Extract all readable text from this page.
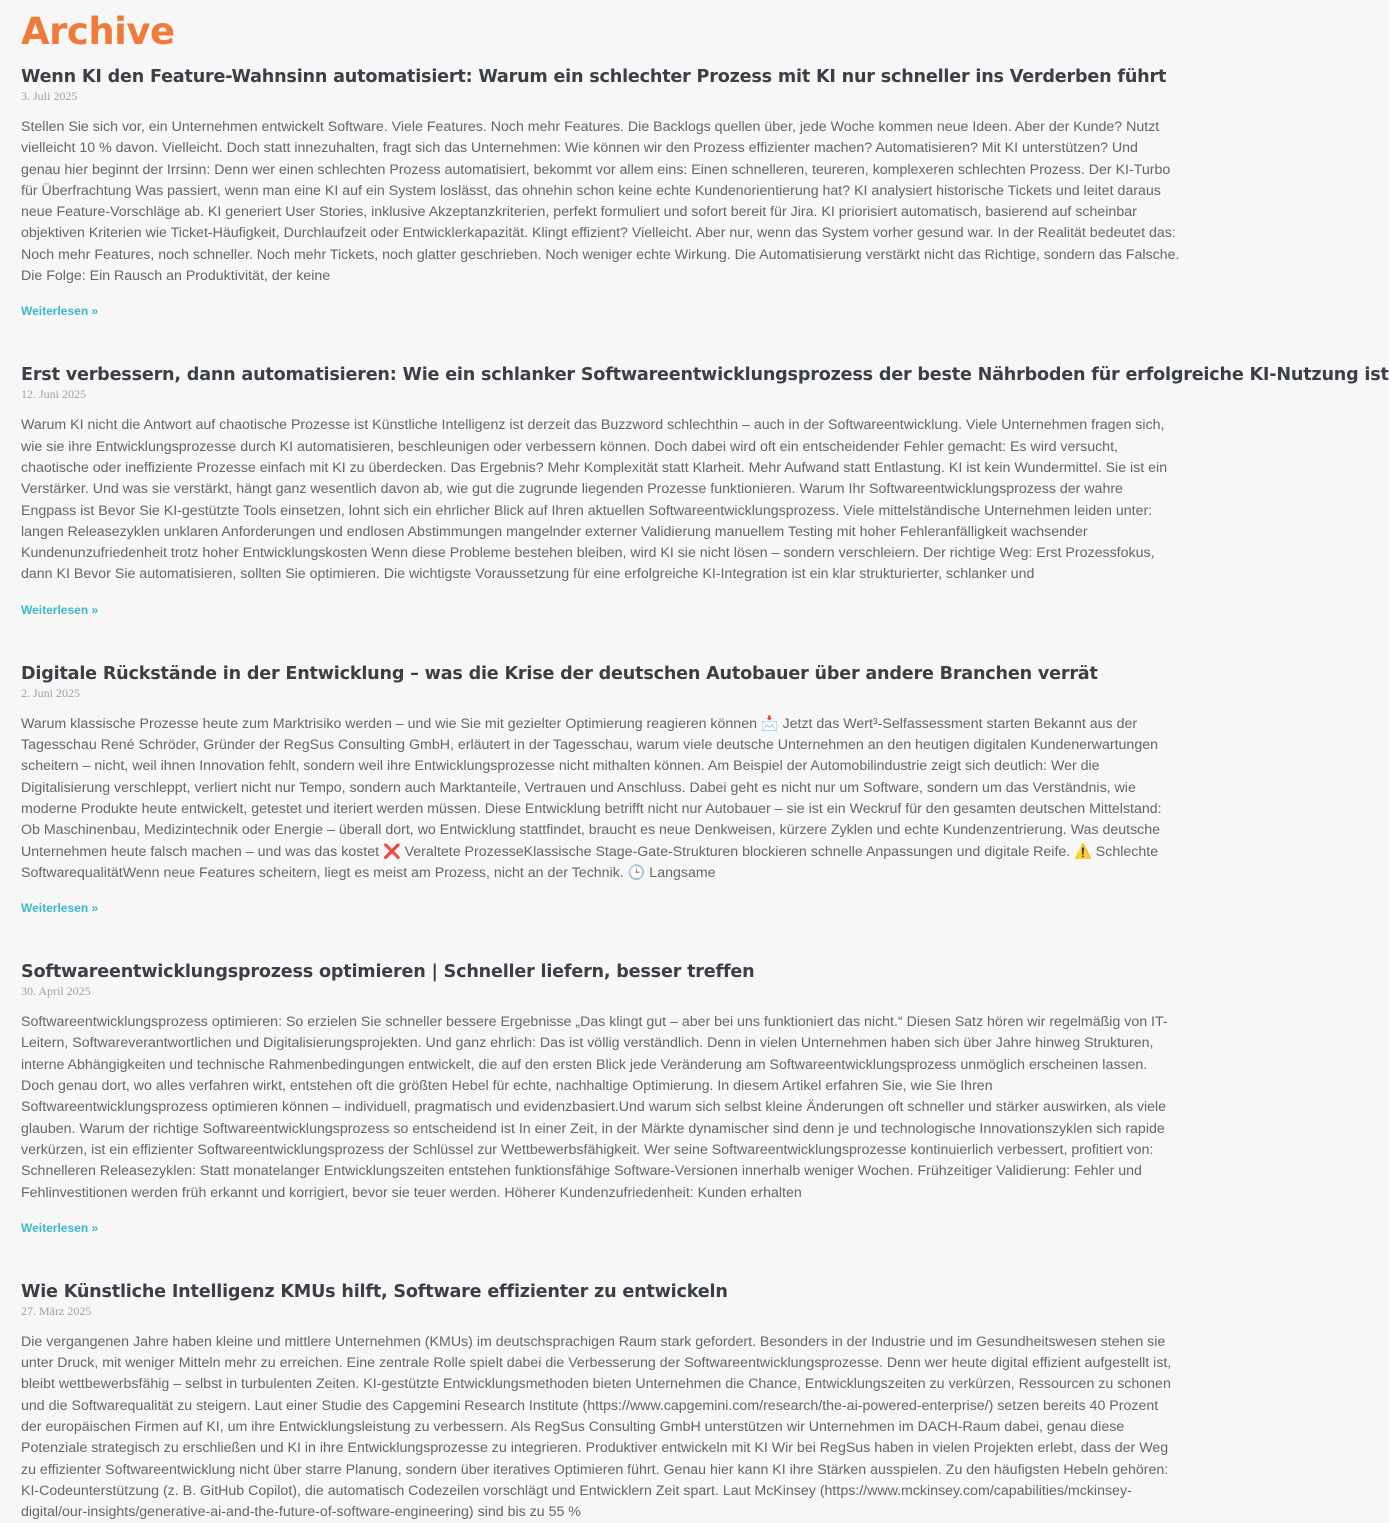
Archive
Wenn KI den Feature-Wahnsinn automatisiert: Warum ein schlechter Prozess mit KI nur schneller ins Verderben führt
3. Juli 2025

Stellen Sie sich vor, ein Unternehmen entwickelt Software. Viele Features. Noch mehr Features. Die Backlogs quellen über, jede Woche kommen neue Ideen. Aber der Kunde? Nutzt vielleicht 10 % davon. Vielleicht. Doch statt innezuhalten, fragt sich das Unternehmen: Wie können wir den Prozess effizienter machen? Automatisieren? Mit KI unterstützen? Und genau hier beginnt der Irrsinn: Denn wer einen schlechten Prozess automatisiert, bekommt vor allem eins: Einen schnelleren, teureren, komplexeren schlechten Prozess. Der KI-Turbo für Überfrachtung Was passiert, wenn man eine KI auf ein System loslässt, das ohnehin schon keine echte Kundenorientierung hat? KI analysiert historische Tickets und leitet daraus neue Feature-Vorschläge ab. KI generiert User Stories, inklusive Akzeptanzkriterien, perfekt formuliert und sofort bereit für Jira. KI priorisiert automatisch, basierend auf scheinbar objektiven Kriterien wie Ticket-Häufigkeit, Durchlaufzeit oder Entwicklerkapazität. Klingt effizient? Vielleicht. Aber nur, wenn das System vorher gesund war. In der Realität bedeutet das: Noch mehr Features, noch schneller. Noch mehr Tickets, noch glatter geschrieben. Noch weniger echte Wirkung. Die Automatisierung verstärkt nicht das Richtige, sondern das Falsche. Die Folge: Ein Rausch an Produktivität, der keine

Weiterlesen »
Erst verbessern, dann automatisieren: Wie ein schlanker Softwareentwicklungsprozess der beste Nährboden für erfolgreiche KI-Nutzung ist
12. Juni 2025

Warum KI nicht die Antwort auf chaotische Prozesse ist Künstliche Intelligenz ist derzeit das Buzzword schlechthin – auch in der Softwareentwicklung. Viele Unternehmen fragen sich, wie sie ihre Entwicklungsprozesse durch KI automatisieren, beschleunigen oder verbessern können. Doch dabei wird oft ein entscheidender Fehler gemacht: Es wird versucht, chaotische oder ineffiziente Prozesse einfach mit KI zu überdecken. Das Ergebnis? Mehr Komplexität statt Klarheit. Mehr Aufwand statt Entlastung. KI ist kein Wundermittel. Sie ist ein Verstärker. Und was sie verstärkt, hängt ganz wesentlich davon ab, wie gut die zugrunde liegenden Prozesse funktionieren. Warum Ihr Softwareentwicklungsprozess der wahre Engpass ist Bevor Sie KI-gestützte Tools einsetzen, lohnt sich ein ehrlicher Blick auf Ihren aktuellen Softwareentwicklungsprozess. Viele mittelständische Unternehmen leiden unter: langen Releasezyklen unklaren Anforderungen und endlosen Abstimmungen mangelnder externer Validierung manuellem Testing mit hoher Fehleranfälligkeit wachsender Kundenunzufriedenheit trotz hoher Entwicklungskosten Wenn diese Probleme bestehen bleiben, wird KI sie nicht lösen – sondern verschleiern. Der richtige Weg: Erst Prozessfokus, dann KI Bevor Sie automatisieren, sollten Sie optimieren. Die wichtigste Voraussetzung für eine erfolgreiche KI-Integration ist ein klar strukturierter, schlanker und

Weiterlesen »
Digitale Rückstände in der Entwicklung – was die Krise der deutschen Autobauer über andere Branchen verrät
2. Juni 2025

Warum klassische Prozesse heute zum Marktrisiko werden – und wie Sie mit gezielter Optimierung reagieren können 📩 Jetzt das Wert³-Selfassessment starten Bekannt aus der Tagesschau René Schröder, Gründer der RegSus Consulting GmbH, erläutert in der Tagesschau, warum viele deutsche Unternehmen an den heutigen digitalen Kundenerwartungen scheitern – nicht, weil ihnen Innovation fehlt, sondern weil ihre Entwicklungsprozesse nicht mithalten können. Am Beispiel der Automobilindustrie zeigt sich deutlich: Wer die Digitalisierung verschleppt, verliert nicht nur Tempo, sondern auch Marktanteile, Vertrauen und Anschluss. Dabei geht es nicht nur um Software, sondern um das Verständnis, wie moderne Produkte heute entwickelt, getestet und iteriert werden müssen. Diese Entwicklung betrifft nicht nur Autobauer – sie ist ein Weckruf für den gesamten deutschen Mittelstand: Ob Maschinenbau, Medizintechnik oder Energie – überall dort, wo Entwicklung stattfindet, braucht es neue Denkweisen, kürzere Zyklen und echte Kundenzentrierung. Was deutsche Unternehmen heute falsch machen – und was das kostet ❌ Veraltete ProzesseKlassische Stage-Gate-Strukturen blockieren schnelle Anpassungen und digitale Reife. ⚠️ Schlechte SoftwarequalitätWenn neue Features scheitern, liegt es meist am Prozess, nicht an der Technik. 🕒 Langsame

Weiterlesen »
Softwareentwicklungsprozess optimieren | Schneller liefern, besser treffen
30. April 2025

Softwareentwicklungsprozess optimieren: So erzielen Sie schneller bessere Ergebnisse „Das klingt gut – aber bei uns funktioniert das nicht.“ Diesen Satz hören wir regelmäßig von IT-Leitern, Softwareverantwortlichen und Digitalisierungsprojekten. Und ganz ehrlich: Das ist völlig verständlich. Denn in vielen Unternehmen haben sich über Jahre hinweg Strukturen, interne Abhängigkeiten und technische Rahmenbedingungen entwickelt, die auf den ersten Blick jede Veränderung am Softwareentwicklungsprozess unmöglich erscheinen lassen. Doch genau dort, wo alles verfahren wirkt, entstehen oft die größten Hebel für echte, nachhaltige Optimierung. In diesem Artikel erfahren Sie, wie Sie Ihren Softwareentwicklungsprozess optimieren können – individuell, pragmatisch und evidenzbasiert.Und warum sich selbst kleine Änderungen oft schneller und stärker auswirken, als viele glauben. Warum der richtige Softwareentwicklungsprozess so entscheidend ist In einer Zeit, in der Märkte dynamischer sind denn je und technologische Innovationszyklen sich rapide verkürzen, ist ein effizienter Softwareentwicklungsprozess der Schlüssel zur Wettbewerbsfähigkeit. Wer seine Softwareentwicklungsprozesse kontinuierlich verbessert, profitiert von: Schnelleren Releasezyklen: Statt monatelanger Entwicklungszeiten entstehen funktionsfähige Software-Versionen innerhalb weniger Wochen. Frühzeitiger Validierung: Fehler und Fehlinvestitionen werden früh erkannt und korrigiert, bevor sie teuer werden. Höherer Kundenzufriedenheit: Kunden erhalten

Weiterlesen »
Wie Künstliche Intelligenz KMUs hilft, Software effizienter zu entwickeln
27. März 2025

Die vergangenen Jahre haben kleine und mittlere Unternehmen (KMUs) im deutschsprachigen Raum stark gefordert. Besonders in der Industrie und im Gesundheitswesen stehen sie unter Druck, mit weniger Mitteln mehr zu erreichen. Eine zentrale Rolle spielt dabei die Verbesserung der Softwareentwicklungsprozesse. Denn wer heute digital effizient aufgestellt ist, bleibt wettbewerbsfähig – selbst in turbulenten Zeiten. KI-gestützte Entwicklungsmethoden bieten Unternehmen die Chance, Entwicklungszeiten zu verkürzen, Ressourcen zu schonen und die Softwarequalität zu steigern. Laut einer Studie des Capgemini Research Institute (https://www.capgemini.com/research/the-ai-powered-enterprise/) setzen bereits 40 Prozent der europäischen Firmen auf KI, um ihre Entwicklungsleistung zu verbessern. Als RegSus Consulting GmbH unterstützen wir Unternehmen im DACH-Raum dabei, genau diese Potenziale strategisch zu erschließen und KI in ihre Entwicklungsprozesse zu integrieren. Produktiver entwickeln mit KI Wir bei RegSus haben in vielen Projekten erlebt, dass der Weg zu effizienter Softwareentwicklung nicht über starre Planung, sondern über iteratives Optimieren führt. Genau hier kann KI ihre Stärken ausspielen. Zu den häufigsten Hebeln gehören: KI-Codeunterstützung (z. B. GitHub Copilot), die automatisch Codezeilen vorschlägt und Entwicklern Zeit spart. Laut McKinsey (https://www.mckinsey.com/capabilities/mckinsey-digital/our-insights/generative-ai-and-the-future-of-software-engineering) sind bis zu 55 %
